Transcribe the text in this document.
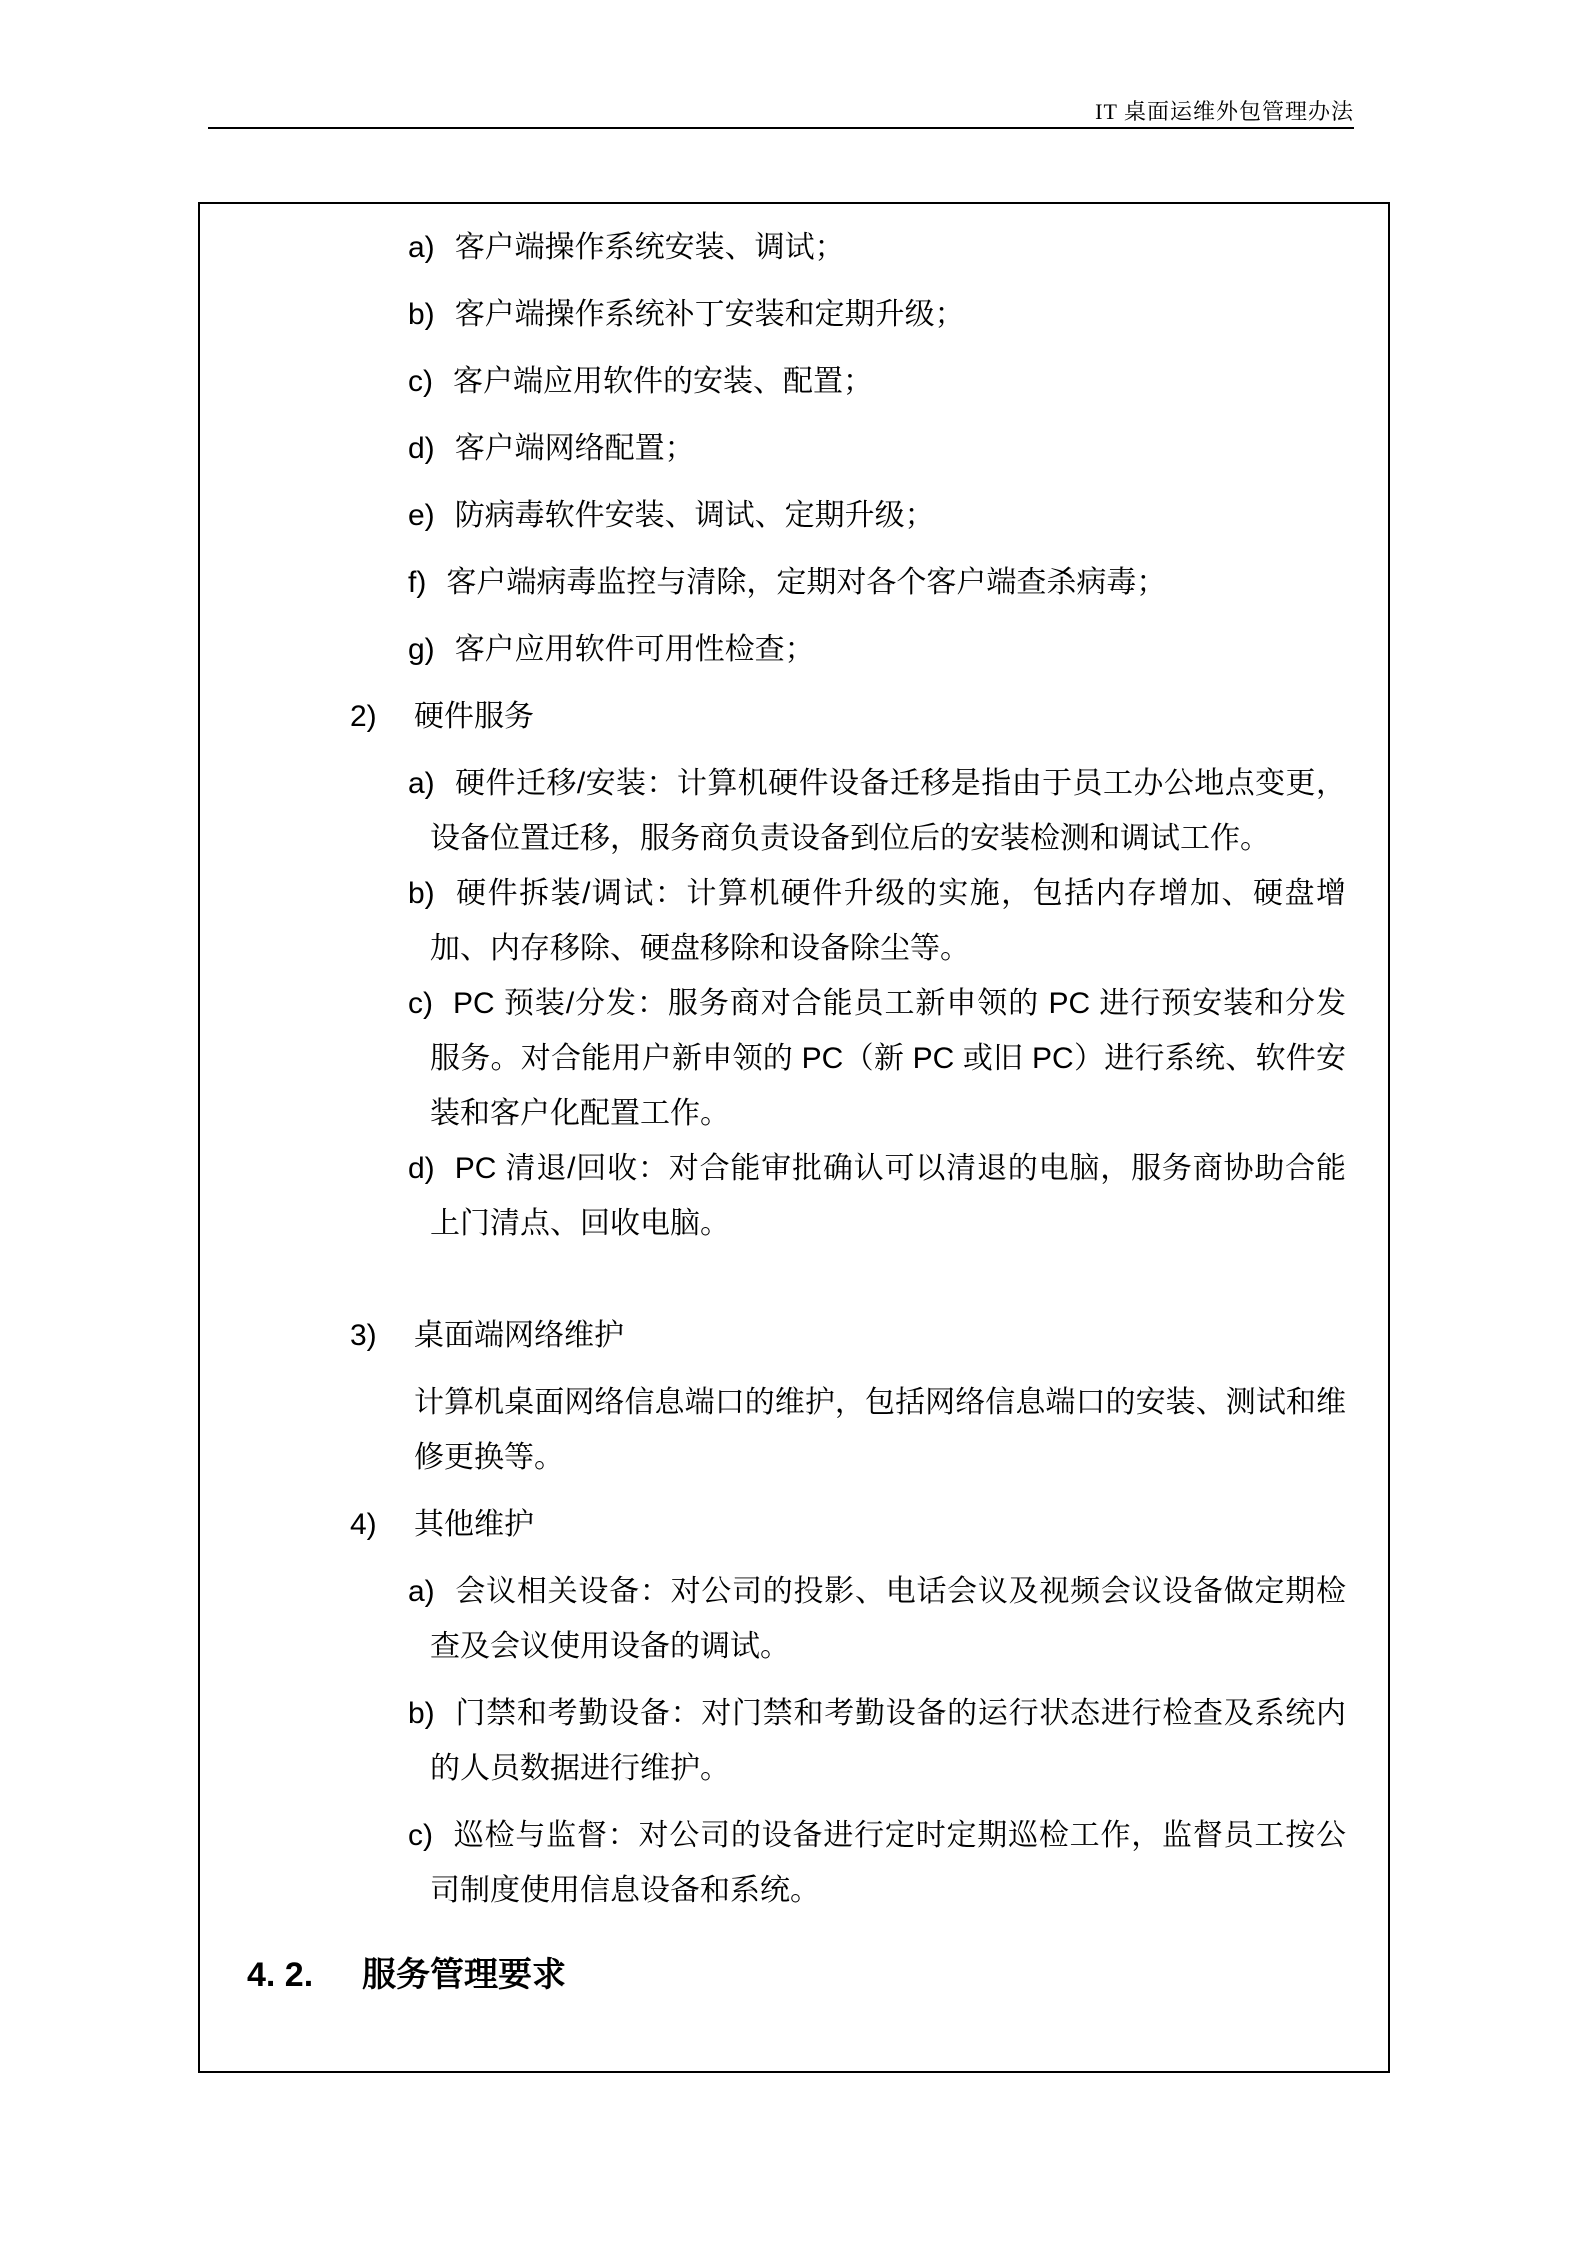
IT 桌面运维外包管理办法
a) 客户端操作系统安装、调试；
b) 客户端操作系统补丁安装和定期升级；
c) 客户端应用软件的安装、配置；
d) 客户端网络配置；
e) 防病毒软件安装、调试、定期升级；
f) 客户端病毒监控与清除，定期对各个客户端查杀病毒；
g) 客户应用软件可用性检查；
2) 硬件服务
a) 硬件迁移/安装：计算机硬件设备迁移是指由于员工办公地点变更，设备位置迁移，服务商负责设备到位后的安装检测和调试工作。
b) 硬件拆装/调试：计算机硬件升级的实施，包括内存增加、硬盘增加、内存移除、硬盘移除和设备除尘等。
c) PC 预装/分发：服务商对合能员工新申领的 PC 进行预安装和分发服务。对合能用户新申领的 PC（新 PC 或旧 PC）进行系统、软件安装和客户化配置工作。
d) PC 清退/回收：对合能审批确认可以清退的电脑，服务商协助合能上门清点、回收电脑。
3) 桌面端网络维护

计算机桌面网络信息端口的维护，包括网络信息端口的安装、测试和维修更换等。

4) 其他维护
a) 会议相关设备：对公司的投影、电话会议及视频会议设备做定期检查及会议使用设备的调试。
b) 门禁和考勤设备：对门禁和考勤设备的运行状态进行检查及系统内的人员数据进行维护。
c) 巡检与监督：对公司的设备进行定时定期巡检工作，监督员工按公司制度使用信息设备和系统。
4. 2. 服务管理要求
